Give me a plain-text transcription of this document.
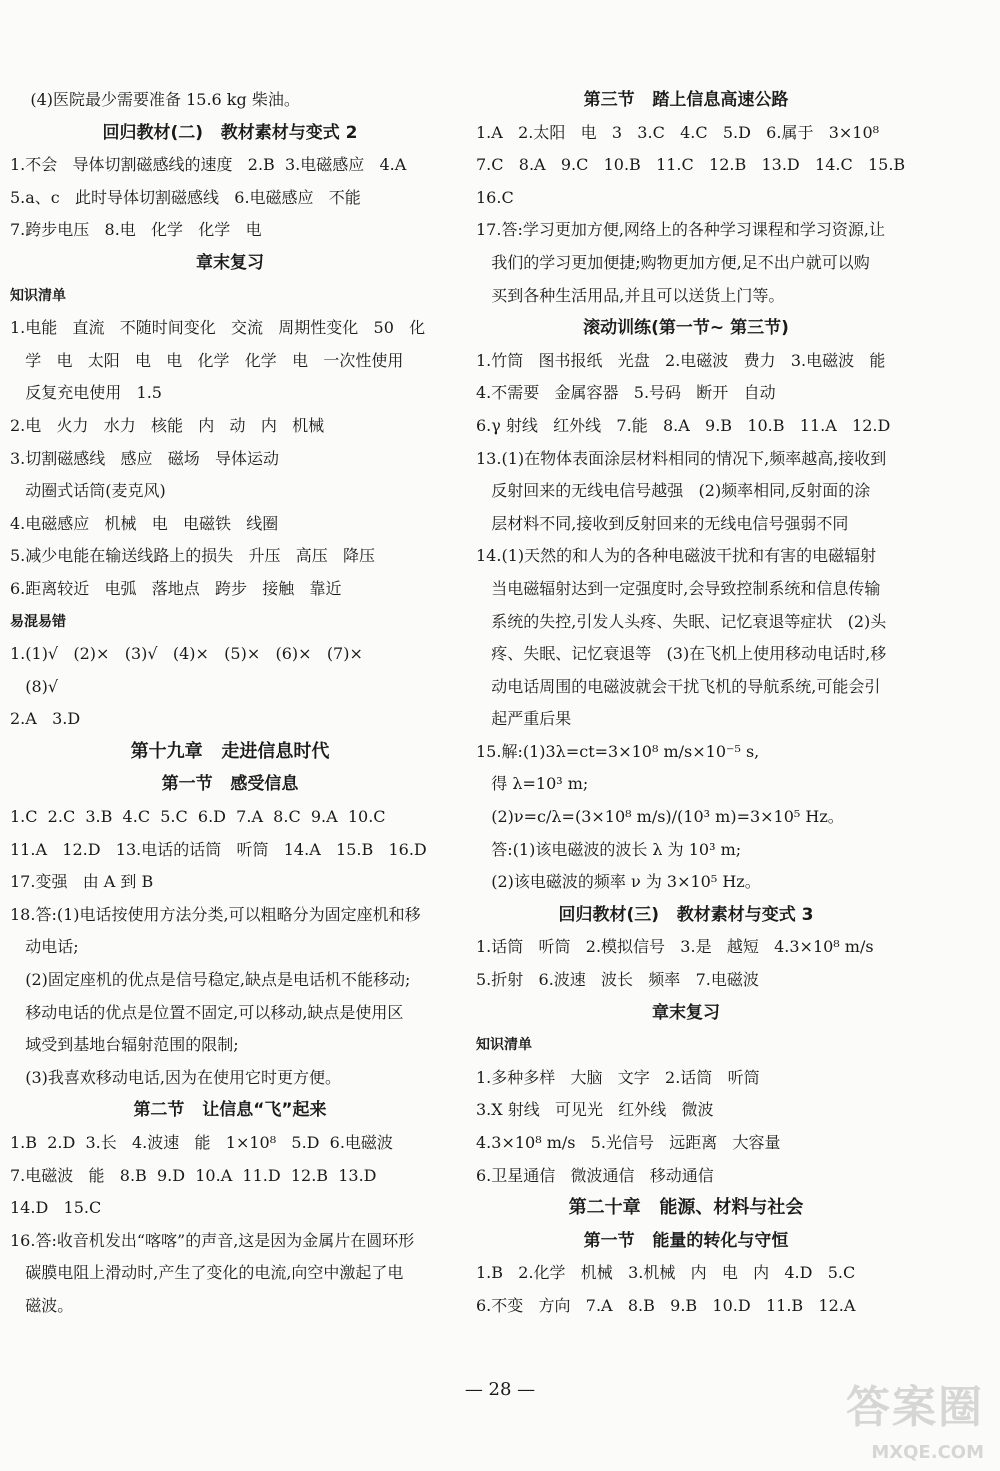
(4)医院最少需要准备 15.6 kg 柴油。
回归教材(二)   教材素材与变式 2
1.不会   导体切割磁感线的速度   2.B  3.电磁感应   4.A
5.a、c   此时导体切割磁感线   6.电磁感应   不能
7.跨步电压   8.电   化学   化学   电
章末复习
知识清单
1.电能   直流   不随时间变化   交流   周期性变化   50   化
学   电   太阳   电   电   化学   化学   电   一次性使用
反复充电使用   1.5
2.电   火力   水力   核能   内   动   内   机械
3.切割磁感线   感应   磁场   导体运动
动圈式话筒(麦克风)
4.电磁感应   机械   电   电磁铁   线圈
5.减少电能在输送线路上的损失   升压   高压   降压
6.距离较近   电弧   落地点   跨步   接触   靠近
易混易错
1.(1)√   (2)×   (3)√   (4)×   (5)×   (6)×   (7)×
(8)√
2.A   3.D
第十九章   走进信息时代
第一节   感受信息
1.C  2.C  3.B  4.C  5.C  6.D  7.A  8.C  9.A  10.C
11.A   12.D   13.电话的话筒   听筒   14.A   15.B   16.D
17.变强   由 A 到 B
18.答:(1)电话按使用方法分类,可以粗略分为固定座机和移
动电话;
(2)固定座机的优点是信号稳定,缺点是电话机不能移动;
移动电话的优点是位置不固定,可以移动,缺点是使用区
域受到基地台辐射范围的限制;
(3)我喜欢移动电话,因为在使用它时更方便。
第二节   让信息“飞”起来
1.B  2.D  3.长   4.波速   能   1×10⁸   5.D  6.电磁波
7.电磁波   能   8.B  9.D  10.A  11.D  12.B  13.D
14.D   15.C
16.答:收音机发出“喀喀”的声音,这是因为金属片在圆环形
碳膜电阻上滑动时,产生了变化的电流,向空中激起了电
磁波。
第三节   踏上信息高速公路
1.A   2.太阳   电   3   3.C   4.C   5.D   6.属于   3×10⁸
7.C   8.A   9.C   10.B   11.C   12.B   13.D   14.C   15.B
16.C
17.答:学习更加方便,网络上的各种学习课程和学习资源,让
我们的学习更加便捷;购物更加方便,足不出户就可以购
买到各种生活用品,并且可以送货上门等。
滚动训练(第一节~ 第三节)
1.竹筒   图书报纸   光盘   2.电磁波   费力   3.电磁波   能
4.不需要   金属容器   5.号码   断开   自动
6.γ 射线   红外线   7.能   8.A   9.B   10.B   11.A   12.D
13.(1)在物体表面涂层材料相同的情况下,频率越高,接收到
反射回来的无线电信号越强   (2)频率相同,反射面的涂
层材料不同,接收到反射回来的无线电信号强弱不同
14.(1)天然的和人为的各种电磁波干扰和有害的电磁辐射
当电磁辐射达到一定强度时,会导致控制系统和信息传输
系统的失控,引发人头疼、失眠、记忆衰退等症状   (2)头
疼、失眠、记忆衰退等   (3)在飞机上使用移动电话时,移
动电话周围的电磁波就会干扰飞机的导航系统,可能会引
起严重后果
15.解:(1)3λ=ct=3×10⁸ m/s×10⁻⁵ s,
得 λ=10³ m;
(2)ν=c/λ=(3×10⁸ m/s)/(10³ m)=3×10⁵ Hz。
答:(1)该电磁波的波长 λ 为 10³ m;
(2)该电磁波的频率 ν 为 3×10⁵ Hz。
回归教材(三)   教材素材与变式 3
1.话筒   听筒   2.模拟信号   3.是   越短   4.3×10⁸ m/s
5.折射   6.波速   波长   频率   7.电磁波
章末复习
知识清单
1.多种多样   大脑   文字   2.话筒   听筒
3.X 射线   可见光   红外线   微波
4.3×10⁸ m/s   5.光信号   远距离   大容量
6.卫星通信   微波通信   移动通信
第二十章   能源、材料与社会
第一节   能量的转化与守恒
1.B   2.化学   机械   3.机械   内   电   内   4.D   5.C
6.不变   方向   7.A   8.B   9.B   10.D   11.B   12.A
— 28 —	答案圈
MXQE.COM
